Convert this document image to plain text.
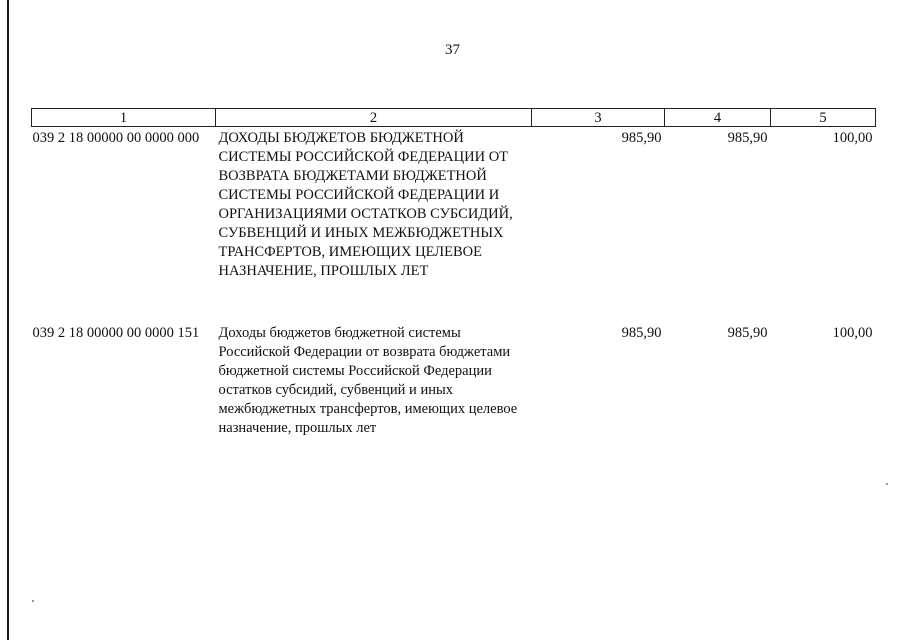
37
1	2	3	4	5
039 2 18 00000 00 0000 000	ДОХОДЫ БЮДЖЕТОВ БЮДЖЕТНОЙ СИСТЕМЫ РОССИЙСКОЙ ФЕДЕРАЦИИ ОТ ВОЗВРАТА БЮДЖЕТАМИ БЮДЖЕТНОЙ СИСТЕМЫ РОССИЙСКОЙ ФЕДЕРАЦИИ И ОРГАНИЗАЦИЯМИ ОСТАТКОВ СУБСИДИЙ, СУБВЕНЦИЙ И ИНЫХ МЕЖБЮДЖЕТНЫХ ТРАНСФЕРТОВ, ИМЕЮЩИХ ЦЕЛЕВОЕ НАЗНАЧЕНИЕ, ПРОШЛЫХ ЛЕТ	985,90	985,90	100,00
039 2 18 00000 00 0000 151	Доходы бюджетов бюджетной системы Российской Федерации от возврата бюджетами бюджетной системы Российской Федерации остатков субсидий, субвенций и иных межбюджетных трансфертов, имеющих целевое назначение, прошлых лет	985,90	985,90	100,00
